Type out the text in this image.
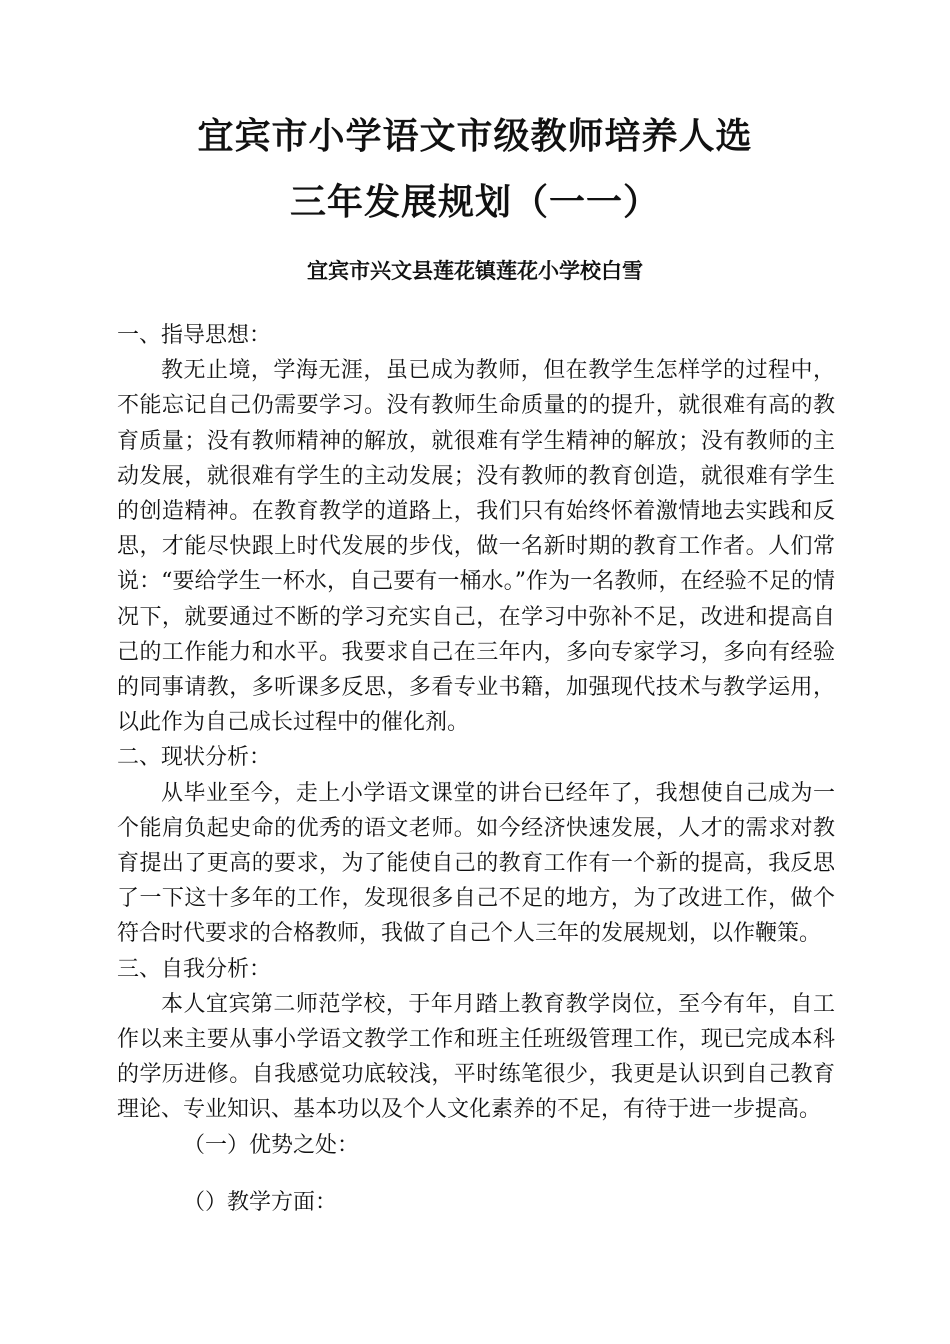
宜宾市小学语文市级教师培养人选
三年发展规划（一一）
宜宾市兴文县莲花镇莲花小学校白雪

一、指导思想：

教无止境，学海无涯，虽已成为教师，但在教学生怎样学的过程中，不能忘记自己仍需要学习。没有教师生命质量的的提升，就很难有高的教育质量；没有教师精神的解放，就很难有学生精神的解放；没有教师的主动发展，就很难有学生的主动发展；没有教师的教育创造，就很难有学生的创造精神。在教育教学的道路上，我们只有始终怀着激情地去实践和反思，才能尽快跟上时代发展的步伐，做一名新时期的教育工作者。人们常说：“要给学生一杯水，自己要有一桶水。”作为一名教师，在经验不足的情况下，就要通过不断的学习充实自己，在学习中弥补不足，改进和提高自己的工作能力和水平。我要求自己在三年内，多向专家学习，多向有经验的同事请教，多听课多反思，多看专业书籍，加强现代技术与教学运用，以此作为自己成长过程中的催化剂。

二、现状分析：

从毕业至今，走上小学语文课堂的讲台已经年了，我想使自己成为一个能肩负起史命的优秀的语文老师。如今经济快速发展，人才的需求对教育提出了更高的要求，为了能使自己的教育工作有一个新的提高，我反思了一下这十多年的工作，发现很多自己不足的地方，为了改进工作，做个符合时代要求的合格教师，我做了自己个人三年的发展规划，以作鞭策。

三、自我分析：

本人宜宾第二师范学校，于年月踏上教育教学岗位，至今有年，自工作以来主要从事小学语文教学工作和班主任班级管理工作，现已完成本科的学历进修。自我感觉功底较浅，平时练笔很少，我更是认识到自己教育理论、专业知识、基本功以及个人文化素养的不足，有待于进一步提高。

（一）优势之处：

（）教学方面：
